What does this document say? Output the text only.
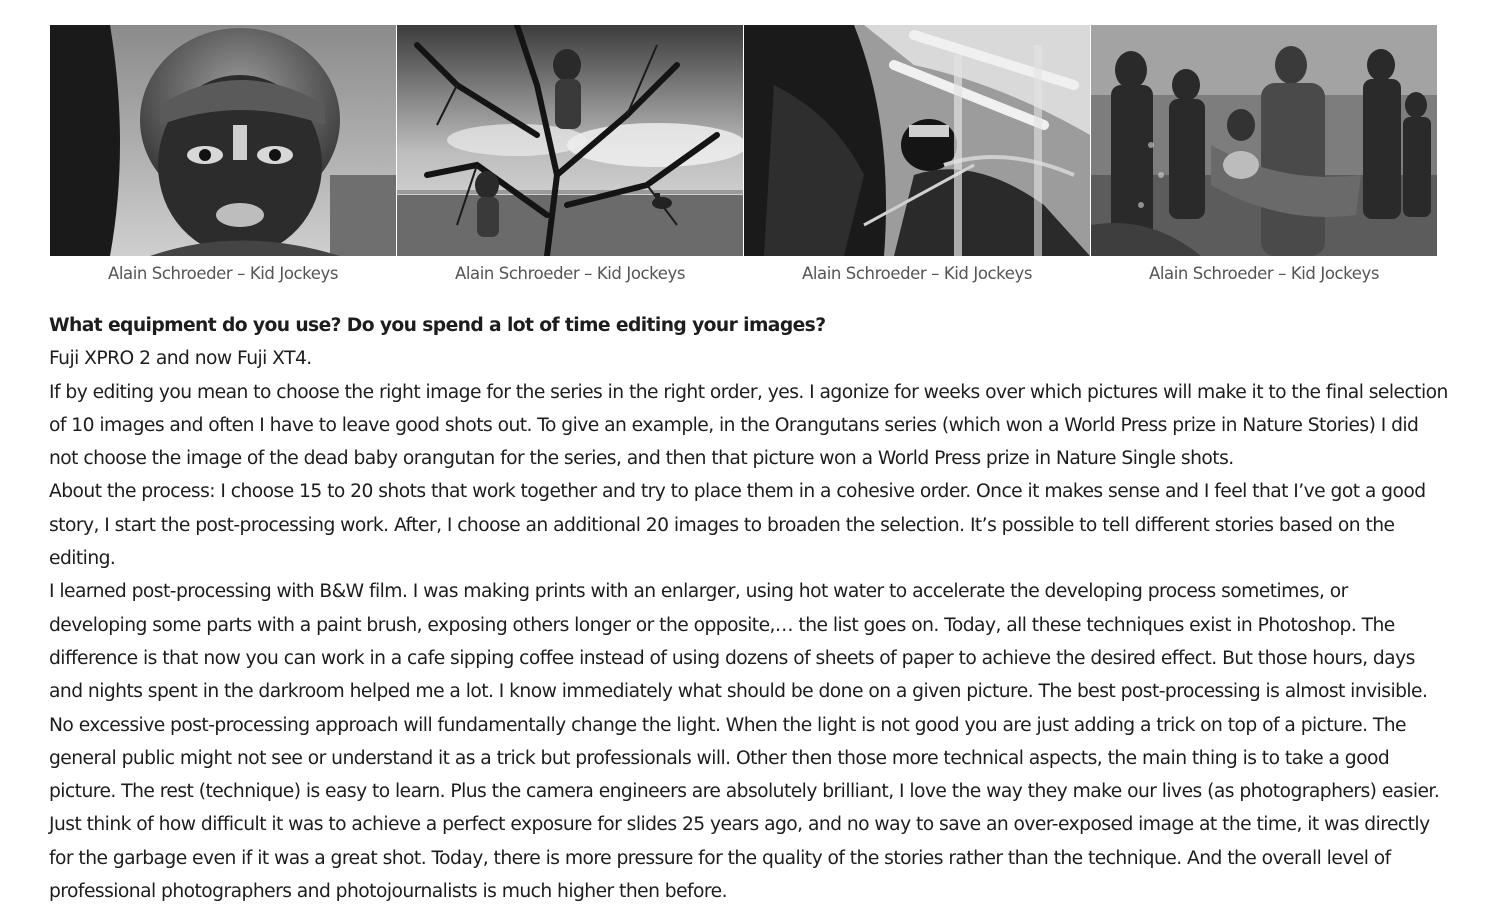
Alain Schroeder – Kid Jockeys	Alain Schroeder – Kid Jockeys	Alain Schroeder – Kid Jockeys	Alain Schroeder – Kid Jockeys

What equipment do you use? Do you spend a lot of time editing your images?

Fuji XPRO 2 and now Fuji XT4.

If by editing you mean to choose the right image for the series in the right order, yes. I agonize for weeks over which pictures will make it to the final selection of 10 images and often I have to leave good shots out. To give an example, in the Orangutans series (which won a World Press prize in Nature Stories) I did not choose the image of the dead baby orangutan for the series, and then that picture won a World Press prize in Nature Single shots.

About the process: I choose 15 to 20 shots that work together and try to place them in a cohesive order. Once it makes sense and I feel that I’ve got a good story, I start the post-processing work. After, I choose an additional 20 images to broaden the selection. It’s possible to tell different stories based on the editing.

I learned post-processing with B&W film. I was making prints with an enlarger, using hot water to accelerate the developing process sometimes, or developing some parts with a paint brush, exposing others longer or the opposite,… the list goes on. Today, all these techniques exist in Photoshop. The difference is that now you can work in a cafe sipping coffee instead of using dozens of sheets of paper to achieve the desired effect. But those hours, days and nights spent in the darkroom helped me a lot. I know immediately what should be done on a given picture. The best post-processing is almost invisible. No excessive post-processing approach will fundamentally change the light. When the light is not good you are just adding a trick on top of a picture. The general public might not see or understand it as a trick but professionals will. Other then those more technical aspects, the main thing is to take a good picture. The rest (technique) is easy to learn. Plus the camera engineers are absolutely brilliant, I love the way they make our lives (as photographers) easier. Just think of how difficult it was to achieve a perfect exposure for slides 25 years ago, and no way to save an over-exposed image at the time, it was directly for the garbage even if it was a great shot. Today, there is more pressure for the quality of the stories rather than the technique. And the overall level of professional photographers and photojournalists is much higher then before.
